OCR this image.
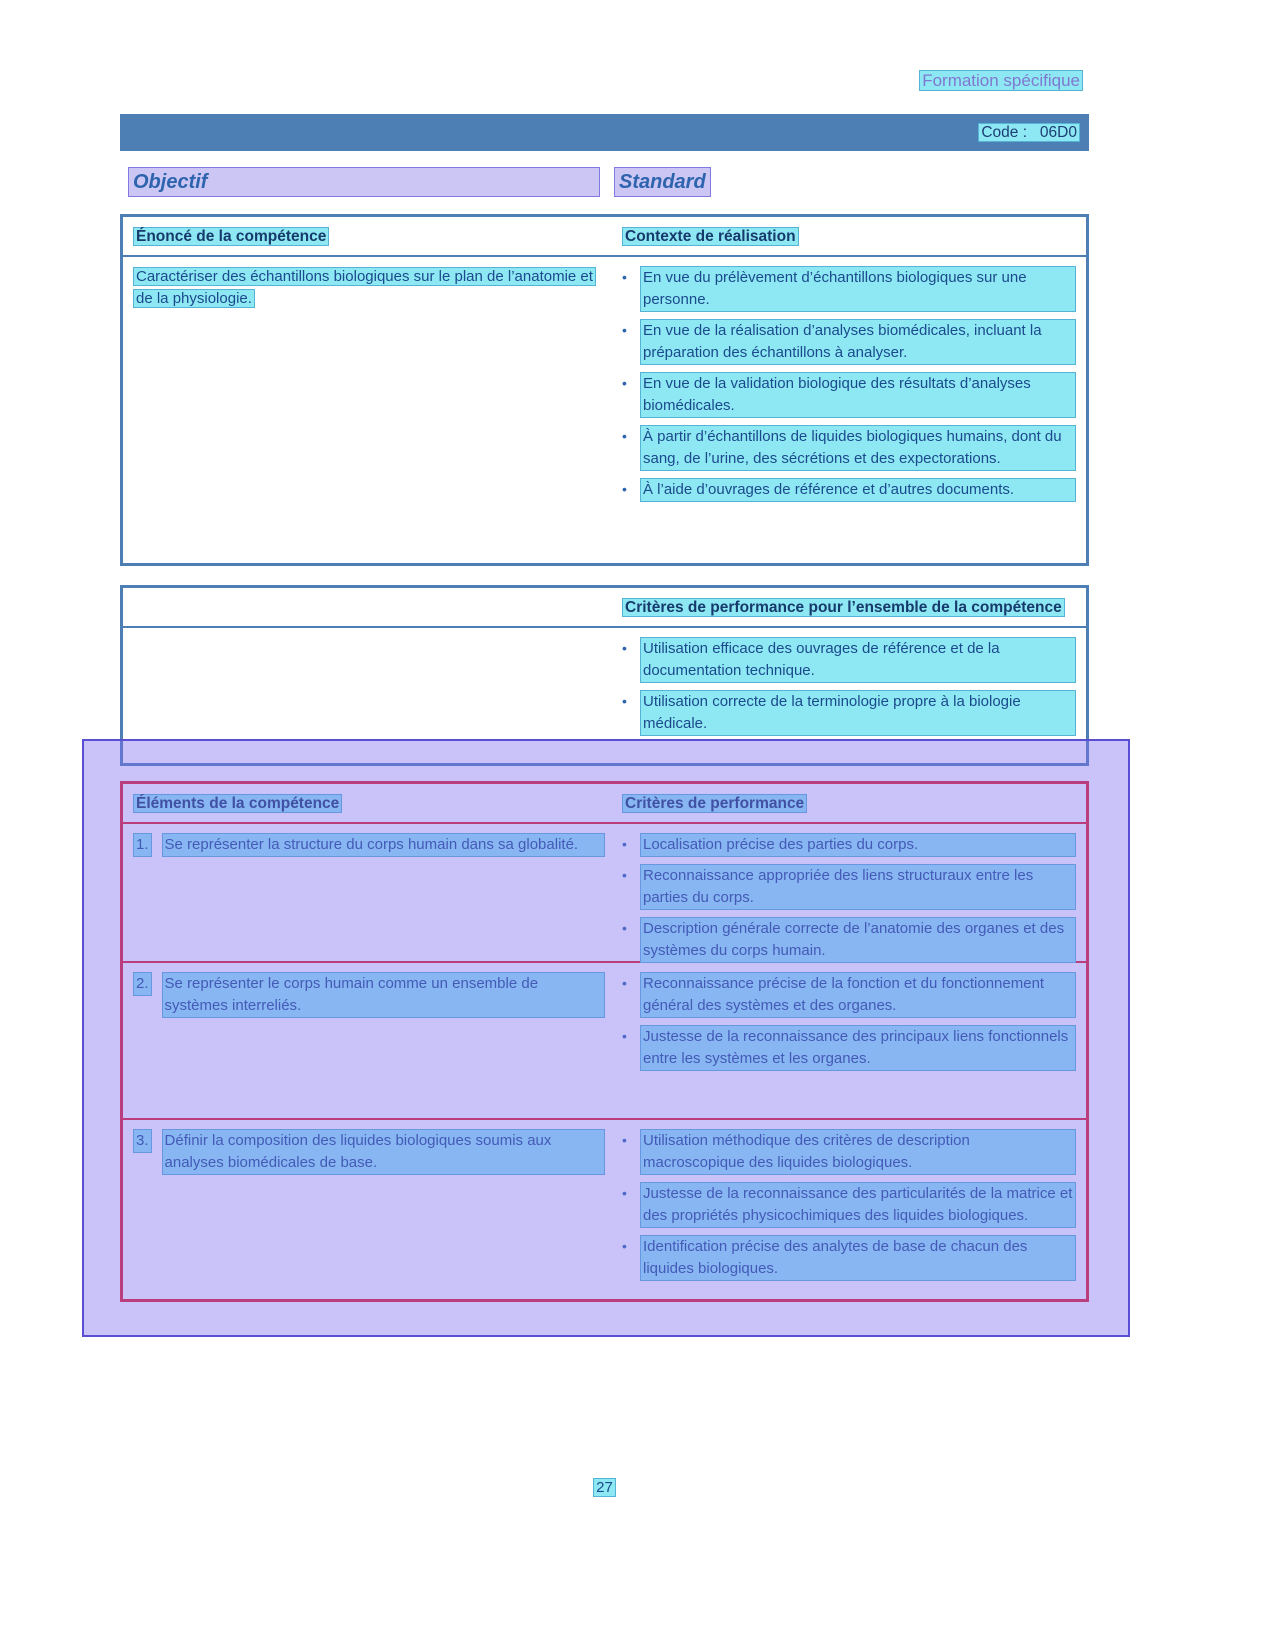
Formation spécifique
Code :   06D0
Objectif	Standard
Énoncé de la compétence	Contexte de réalisation
Caractériser des échantillons biologiques sur le plan de l’anatomie et de la physiologie.
•	En vue du prélèvement d’échantillons biologiques sur une personne.
•	En vue de la réalisation d’analyses biomédicales, incluant la préparation des échantillons à analyser.
•	En vue de la validation biologique des résultats d’analyses biomédicales.
•	À partir d’échantillons de liquides biologiques humains, dont du sang, de l’urine, des sécrétions et des expectorations.
•	À l’aide d’ouvrages de référence et d’autres documents.
Critères de performance pour l’ensemble de la compétence
•	Utilisation efficace des ouvrages de référence et de la documentation technique.
•	Utilisation correcte de la terminologie propre à la biologie médicale.
Éléments de la compétence	Critères de performance
1. Se représenter la structure du corps humain dans sa globalité.	•	Localisation précise des parties du corps.
•	Reconnaissance appropriée des liens structuraux entre les parties du corps.
•	Description générale correcte de l’anatomie des organes et des systèmes du corps humain.
2. Se représenter le corps humain comme un ensemble de systèmes interreliés.
•	Reconnaissance précise de la fonction et du fonctionnement général des systèmes et des organes.
•	Justesse de la reconnaissance des principaux liens fonctionnels entre les systèmes et les organes.
3. Définir la composition des liquides biologiques soumis aux analyses biomédicales de base.
•	Utilisation méthodique des critères de description macroscopique des liquides biologiques.
•	Justesse de la reconnaissance des particularités de la matrice et des propriétés physicochimiques des liquides biologiques.
•	Identification précise des analytes de base de chacun des liquides biologiques.
27
